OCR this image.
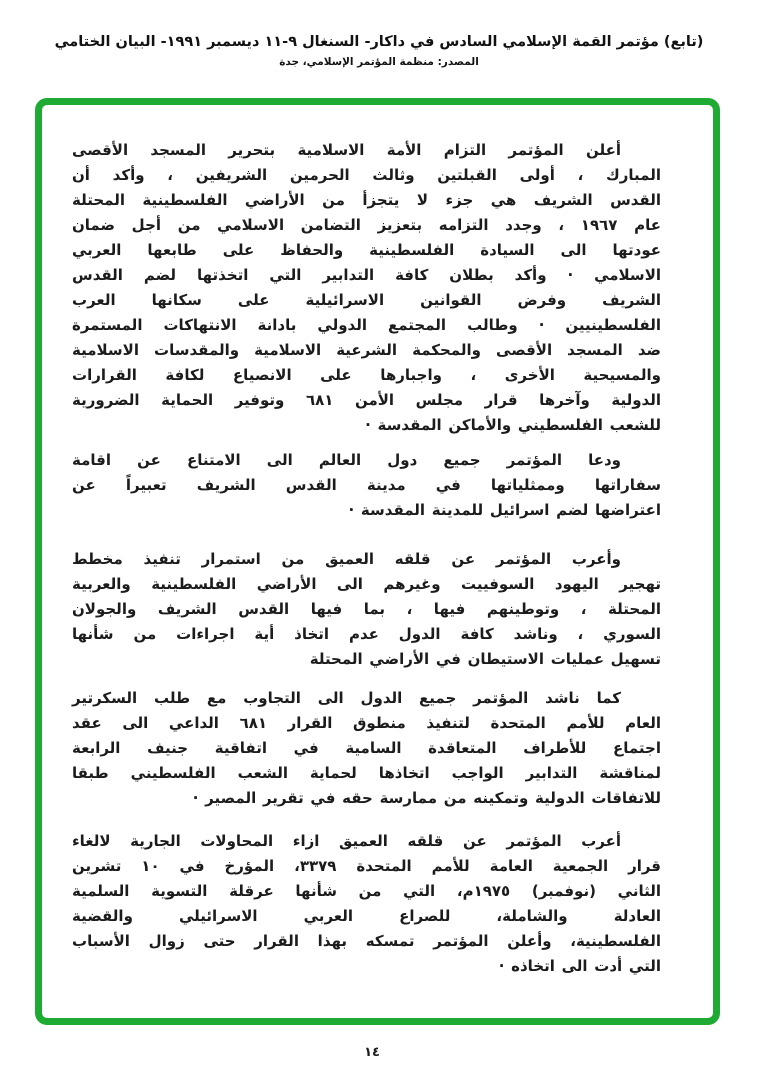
(تابع) مؤتمر القمة الإسلامي السادس في داكار- السنغال ٩-١١ ديسمبر ١٩٩١- البيان الختامي
المصدر: منظمة المؤتمر الإسلامي، جدة
أعلن المؤتمر التزام الأمة الاسلامية بتحرير المسجد الأقصى
المبارك ، أولى القبلتين وثالث الحرمين الشريفين ، وأكد أن
القدس الشريف هي جزء لا يتجزأ من الأراضي الفلسطينية المحتلة
عام ١٩٦٧ ، وجدد التزامه بتعزيز التضامن الاسلامي من أجل ضمان
عودتها الى السيادة الفلسطينية والحفاظ على طابعها العربي
الاسلامي · وأكد بطلان كافة التدابير التي اتخذتها لضم القدس
الشريف وفرض القوانين الاسرائيلية على سكانها العرب
الفلسطينيين · وطالب المجتمع الدولي بادانة الانتهاكات المستمرة
ضد المسجد الأقصى والمحكمة الشرعية الاسلامية والمقدسات الاسلامية
والمسيحية الأخرى ، واجبارها على الانصياع لكافة القرارات
الدولية وآخرها قرار مجلس الأمن ٦٨١ وتوفير الحماية الضرورية
للشعب الفلسطيني والأماكن المقدسة ·
ودعا المؤتمر جميع دول العالم الى الامتناع عن اقامة
سفاراتها وممثلياتها في مدينة القدس الشريف تعبيراً عن
اعتراضها لضم اسرائيل للمدينة المقدسة ·
وأعرب المؤتمر عن قلقه العميق من استمرار تنفيذ مخطط
تهجير اليهود السوفييت وغيرهم الى الأراضي الفلسطينية والعربية
المحتلة ، وتوطينهم فيها ، بما فيها القدس الشريف والجولان
السوري ، وناشد كافة الدول عدم اتخاذ أية اجراءات من شأنها
تسهيل عمليات الاستيطان في الأراضي المحتلة
كما ناشد المؤتمر جميع الدول الى التجاوب مع طلب السكرتير
العام للأمم المتحدة لتنفيذ منطوق القرار ٦٨١ الداعي الى عقد
اجتماع للأطراف المتعاقدة السامية في اتفاقية جنيف الرابعة
لمناقشة التدابير الواجب اتخاذها لحماية الشعب الفلسطيني طبقا
للاتفاقات الدولية وتمكينه من ممارسة حقه في تقرير المصير ·
أعرب المؤتمر عن قلقه العميق ازاء المحاولات الجارية لالغاء
قرار الجمعية العامة للأمم المتحدة ٣٣٧٩، المؤرخ في ١٠ تشرين
الثاني (نوفمبر) ١٩٧٥م، التي من شأنها عرقلة التسوية السلمية
العادلة والشاملة، للصراع العربي الاسرائيلي والقضية
الفلسطينية، وأعلن المؤتمر تمسكه بهذا القرار حتى زوال الأسباب
التي أدت الى اتخاذه ·
١٤
